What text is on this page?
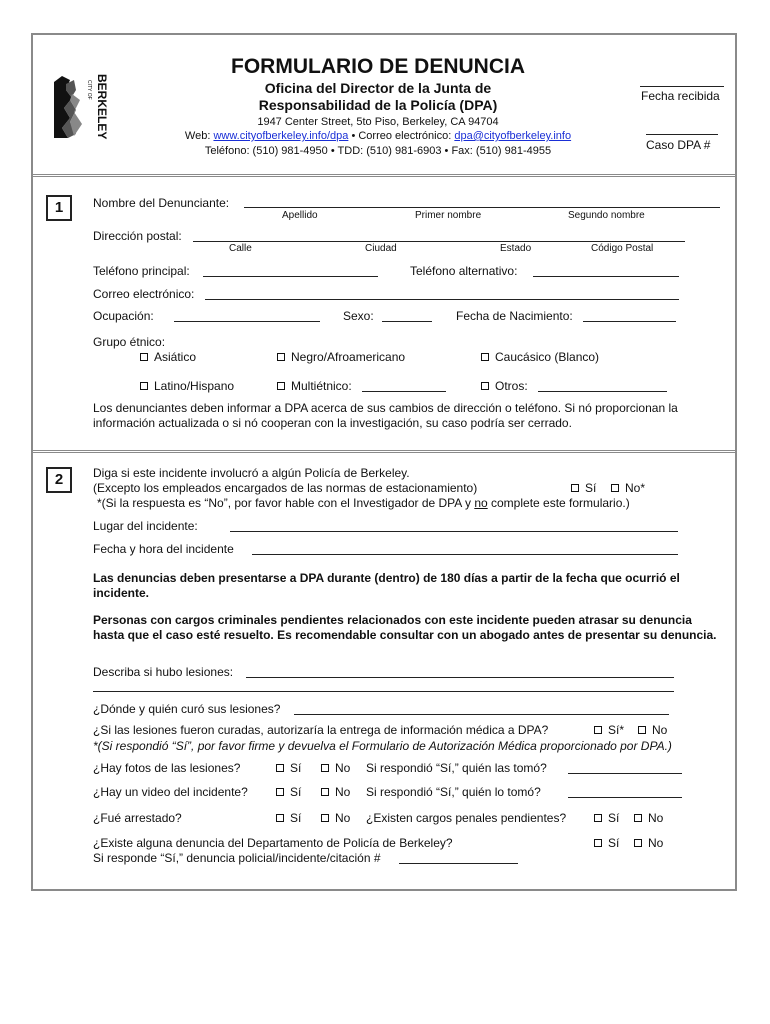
CITY OF BERKELEY
FORMULARIO DE DENUNCIA
Oficina del Director de la Junta de
Responsabilidad de la Policía (DPA)
1947 Center Street, 5to Piso, Berkeley, CA 94704
Web: www.cityofberkeley.info/dpa • Correo electrónico: dpa@cityofberkeley.info
Teléfono: (510) 981-4950 • TDD: (510) 981-6903 • Fax: (510) 981-4955
Fecha recibida
Caso DPA #
1	Nombre del Denunciante:
Apellido	Primer nombre	Segundo nombre
Dirección postal:
Calle	Ciudad	Estado	Código Postal
Teléfono principal:	Teléfono alternativo:
Correo electrónico:
Ocupación:	Sexo:	Fecha de Nacimiento:
Grupo étnico:
Asiático	Negro/Afroamericano	Caucásico (Blanco)
Latino/Hispano	Multiétnico:	Otros:
Los denunciantes deben informar a DPA acerca de sus cambios de dirección o teléfono. Si nó proporcionan la información actualizada o si nó cooperan con la investigación, su caso podría ser cerrado.
2	Diga si este incidente involucró a algún Policía de Berkeley.
(Excepto los empleados encargados de las normas de estacionamiento)	Sí	No*
*(Si la respuesta es “No”, por favor hable con el Investigador de DPA y no complete este formulario.)
Lugar del incidente:
Fecha y hora del incidente
Las denuncias deben presentarse a DPA durante (dentro) de 180 días a partir de la fecha que ocurrió el incidente.
Personas con cargos criminales pendientes relacionados con este incidente pueden atrasar su denuncia hasta que el caso esté resuelto. Es recomendable consultar con un abogado antes de presentar su denuncia.
Describa si hubo lesiones:
¿Dónde y quién curó sus lesiones?
¿Si las lesiones fueron curadas, autorizaría la entrega de información médica a DPA?	Sí*	No
*(Si respondió “Sí”, por favor firme y devuelva el Formulario de Autorización Médica proporcionado por DPA.)
¿Hay fotos de las lesiones?	Sí	No Si respondió “Sí,” quién las tomó?
¿Hay un video del incidente?	Sí	No Si respondió “Sí,” quién lo tomó?
¿Fué arrestado?	Sí	No ¿Existen cargos penales pendientes?	Sí	No
¿Existe alguna denuncia del Departamento de Policía de Berkeley?	Sí	No
Si responde “Sí,” denuncia policial/incidente/citación #
